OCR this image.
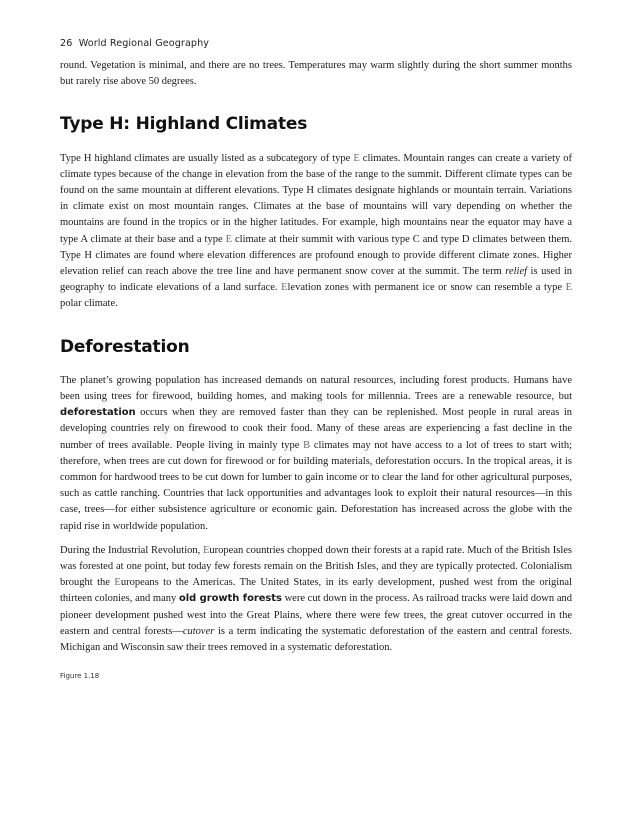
26 World Regional Geography

round. Vegetation is minimal, and there are no trees. Temperatures may warm slightly during the short summer months but rarely rise above 50 degrees.

Type H: Highland Climates

Type H highland climates are usually listed as a subcategory of type E climates. Mountain ranges can create a variety of climate types because of the change in elevation from the base of the range to the summit. Different climate types can be found on the same mountain at different elevations. Type H climates designate highlands or mountain terrain. Variations in climate exist on most mountain ranges. Climates at the base of mountains will vary depending on whether the mountains are found in the tropics or in the higher latitudes. For example, high mountains near the equator may have a type A climate at their base and a type E climate at their summit with various type C and type D climates between them. Type H climates are found where elevation differences are profound enough to provide different climate zones. Higher elevation relief can reach above the tree line and have permanent snow cover at the summit. The term relief is used in geography to indicate elevations of a land surface. Elevation zones with permanent ice or snow can resemble a type E polar climate.

Deforestation

The planet’s growing population has increased demands on natural resources, including forest products. Humans have been using trees for firewood, building homes, and making tools for millennia. Trees are a renewable resource, but deforestation occurs when they are removed faster than they can be replenished. Most people in rural areas in developing countries rely on firewood to cook their food. Many of these areas are experiencing a fast decline in the number of trees available. People living in mainly type B climates may not have access to a lot of trees to start with; therefore, when trees are cut down for firewood or for building materials, deforestation occurs. In the tropical areas, it is common for hardwood trees to be cut down for lumber to gain income or to clear the land for other agricultural purposes, such as cattle ranching. Countries that lack opportunities and advantages look to exploit their natural resources—in this case, trees—for either subsistence agriculture or economic gain. Deforestation has increased across the globe with the rapid rise in worldwide population.

During the Industrial Revolution, European countries chopped down their forests at a rapid rate. Much of the British Isles was forested at one point, but today few forests remain on the British Isles, and they are typically protected. Colonialism brought the Europeans to the Americas. The United States, in its early development, pushed west from the original thirteen colonies, and many old growth forests were cut down in the process. As railroad tracks were laid down and pioneer development pushed west into the Great Plains, where there were few trees, the great cutover occurred in the eastern and central forests—cutover is a term indicating the systematic deforestation of the eastern and central forests. Michigan and Wisconsin saw their trees removed in a systematic deforestation.

Figure 1.18
